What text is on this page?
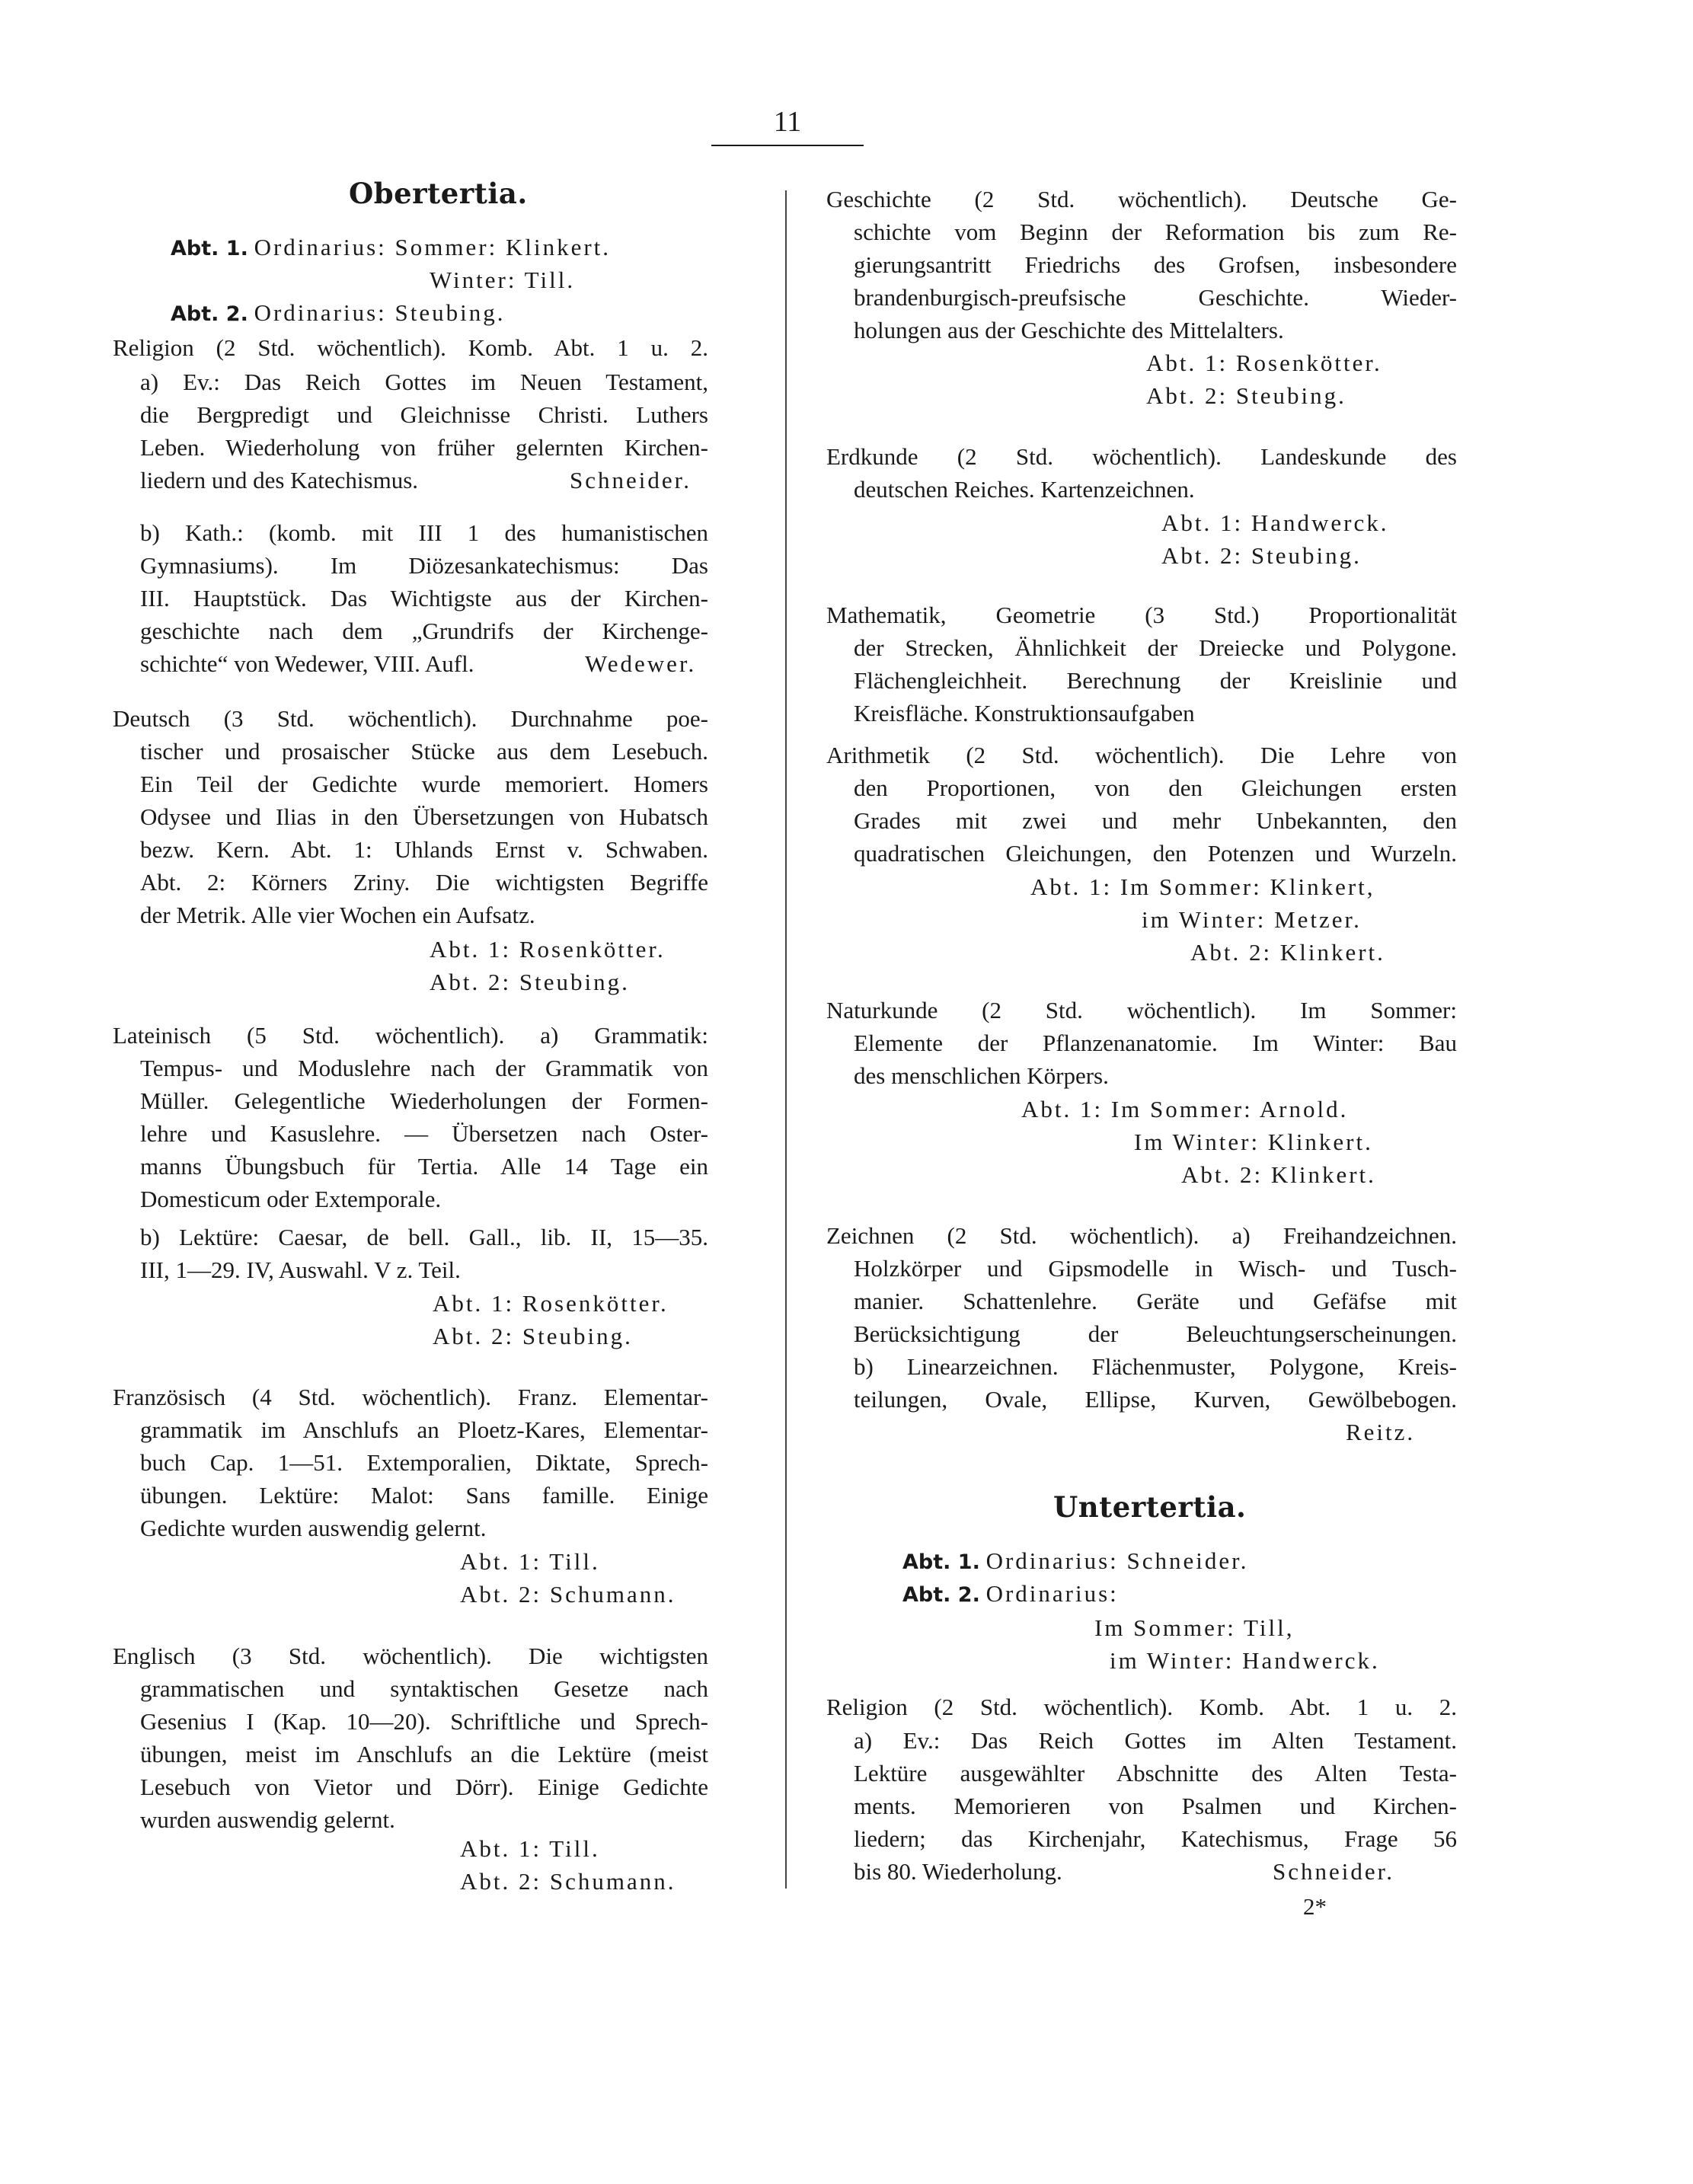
11
Obertertia.
Abt. 1. Ordinarius: Sommer: Klinkert.
Winter: Till.
Abt. 2. Ordinarius: Steubing.
Religion (2 Std. wöchentlich). Komb. Abt. 1 u. 2.
a) Ev.: Das Reich Gottes im Neuen Testament,
die Bergpredigt und Gleichnisse Christi. Luthers
Leben. Wiederholung von früher gelernten Kirchen-
liedern und des Katechismus.	Schneider.
b) Kath.: (komb. mit III 1 des humanistischen
Gymnasiums). Im Diözesankatechismus: Das
III. Hauptstück. Das Wichtigste aus der Kirchen-
geschichte nach dem „Grundrifs der Kirchenge-
schichte“ von Wedewer, VIII. Aufl.	Wedewer.
Deutsch (3 Std. wöchentlich). Durchnahme poe-
tischer und prosaischer Stücke aus dem Lesebuch.
Ein Teil der Gedichte wurde memoriert. Homers
Odysee und Ilias in den Übersetzungen von Hubatsch
bezw. Kern. Abt. 1: Uhlands Ernst v. Schwaben.
Abt. 2: Körners Zriny. Die wichtigsten Begriffe
der Metrik. Alle vier Wochen ein Aufsatz.
Abt. 1: Rosenkötter.
Abt. 2: Steubing.
Lateinisch (5 Std. wöchentlich). a) Grammatik:
Tempus- und Moduslehre nach der Grammatik von
Müller. Gelegentliche Wiederholungen der Formen-
lehre und Kasuslehre. — Übersetzen nach Oster-
manns Übungsbuch für Tertia. Alle 14 Tage ein
Domesticum oder Extemporale.
b) Lektüre: Caesar, de bell. Gall., lib. II, 15—35.
III, 1—29. IV, Auswahl. V z. Teil.
Abt. 1: Rosenkötter.
Abt. 2: Steubing.
Französisch (4 Std. wöchentlich). Franz. Elementar-
grammatik im Anschlufs an Ploetz-Kares, Elementar-
buch Cap. 1—51. Extemporalien, Diktate, Sprech-
übungen. Lektüre: Malot: Sans famille. Einige
Gedichte wurden auswendig gelernt.
Abt. 1: Till.
Abt. 2: Schumann.
Englisch (3 Std. wöchentlich). Die wichtigsten
grammatischen und syntaktischen Gesetze nach
Gesenius I (Kap. 10—20). Schriftliche und Sprech-
übungen, meist im Anschlufs an die Lektüre (meist
Lesebuch von Vietor und Dörr). Einige Gedichte
wurden auswendig gelernt.
Abt. 1: Till.
Abt. 2: Schumann.
Geschichte (2 Std. wöchentlich). Deutsche Ge-
schichte vom Beginn der Reformation bis zum Re-
gierungsantritt Friedrichs des Grofsen, insbesondere
brandenburgisch-preufsische Geschichte. Wieder-
holungen aus der Geschichte des Mittelalters.
Abt. 1: Rosenkötter.
Abt. 2: Steubing.
Erdkunde (2 Std. wöchentlich). Landeskunde des
deutschen Reiches. Kartenzeichnen.
Abt. 1: Handwerck.
Abt. 2: Steubing.
Mathematik, Geometrie (3 Std.) Proportionalität
der Strecken, Ähnlichkeit der Dreiecke und Polygone.
Flächengleichheit. Berechnung der Kreislinie und
Kreisfläche. Konstruktionsaufgaben
Arithmetik (2 Std. wöchentlich). Die Lehre von
den Proportionen, von den Gleichungen ersten
Grades mit zwei und mehr Unbekannten, den
quadratischen Gleichungen, den Potenzen und Wurzeln.
Abt. 1: Im Sommer: Klinkert,
im Winter: Metzer.
Abt. 2: Klinkert.
Naturkunde (2 Std. wöchentlich). Im Sommer:
Elemente der Pflanzenanatomie. Im Winter: Bau
des menschlichen Körpers.
Abt. 1: Im Sommer: Arnold.
Im Winter: Klinkert.
Abt. 2: Klinkert.
Zeichnen (2 Std. wöchentlich). a) Freihandzeichnen.
Holzkörper und Gipsmodelle in Wisch- und Tusch-
manier. Schattenlehre. Geräte und Gefäfse mit
Berücksichtigung der Beleuchtungserscheinungen.
b) Linearzeichnen. Flächenmuster, Polygone, Kreis-
teilungen, Ovale, Ellipse, Kurven, Gewölbebogen.
Reitz.
Untertertia.
Abt. 1. Ordinarius: Schneider.
Abt. 2. Ordinarius:
Im Sommer: Till,
im Winter: Handwerck.
Religion (2 Std. wöchentlich). Komb. Abt. 1 u. 2.
a) Ev.: Das Reich Gottes im Alten Testament.
Lektüre ausgewählter Abschnitte des Alten Testa-
ments. Memorieren von Psalmen und Kirchen-
liedern; das Kirchenjahr, Katechismus, Frage 56
bis 80. Wiederholung.	Schneider.
2*
